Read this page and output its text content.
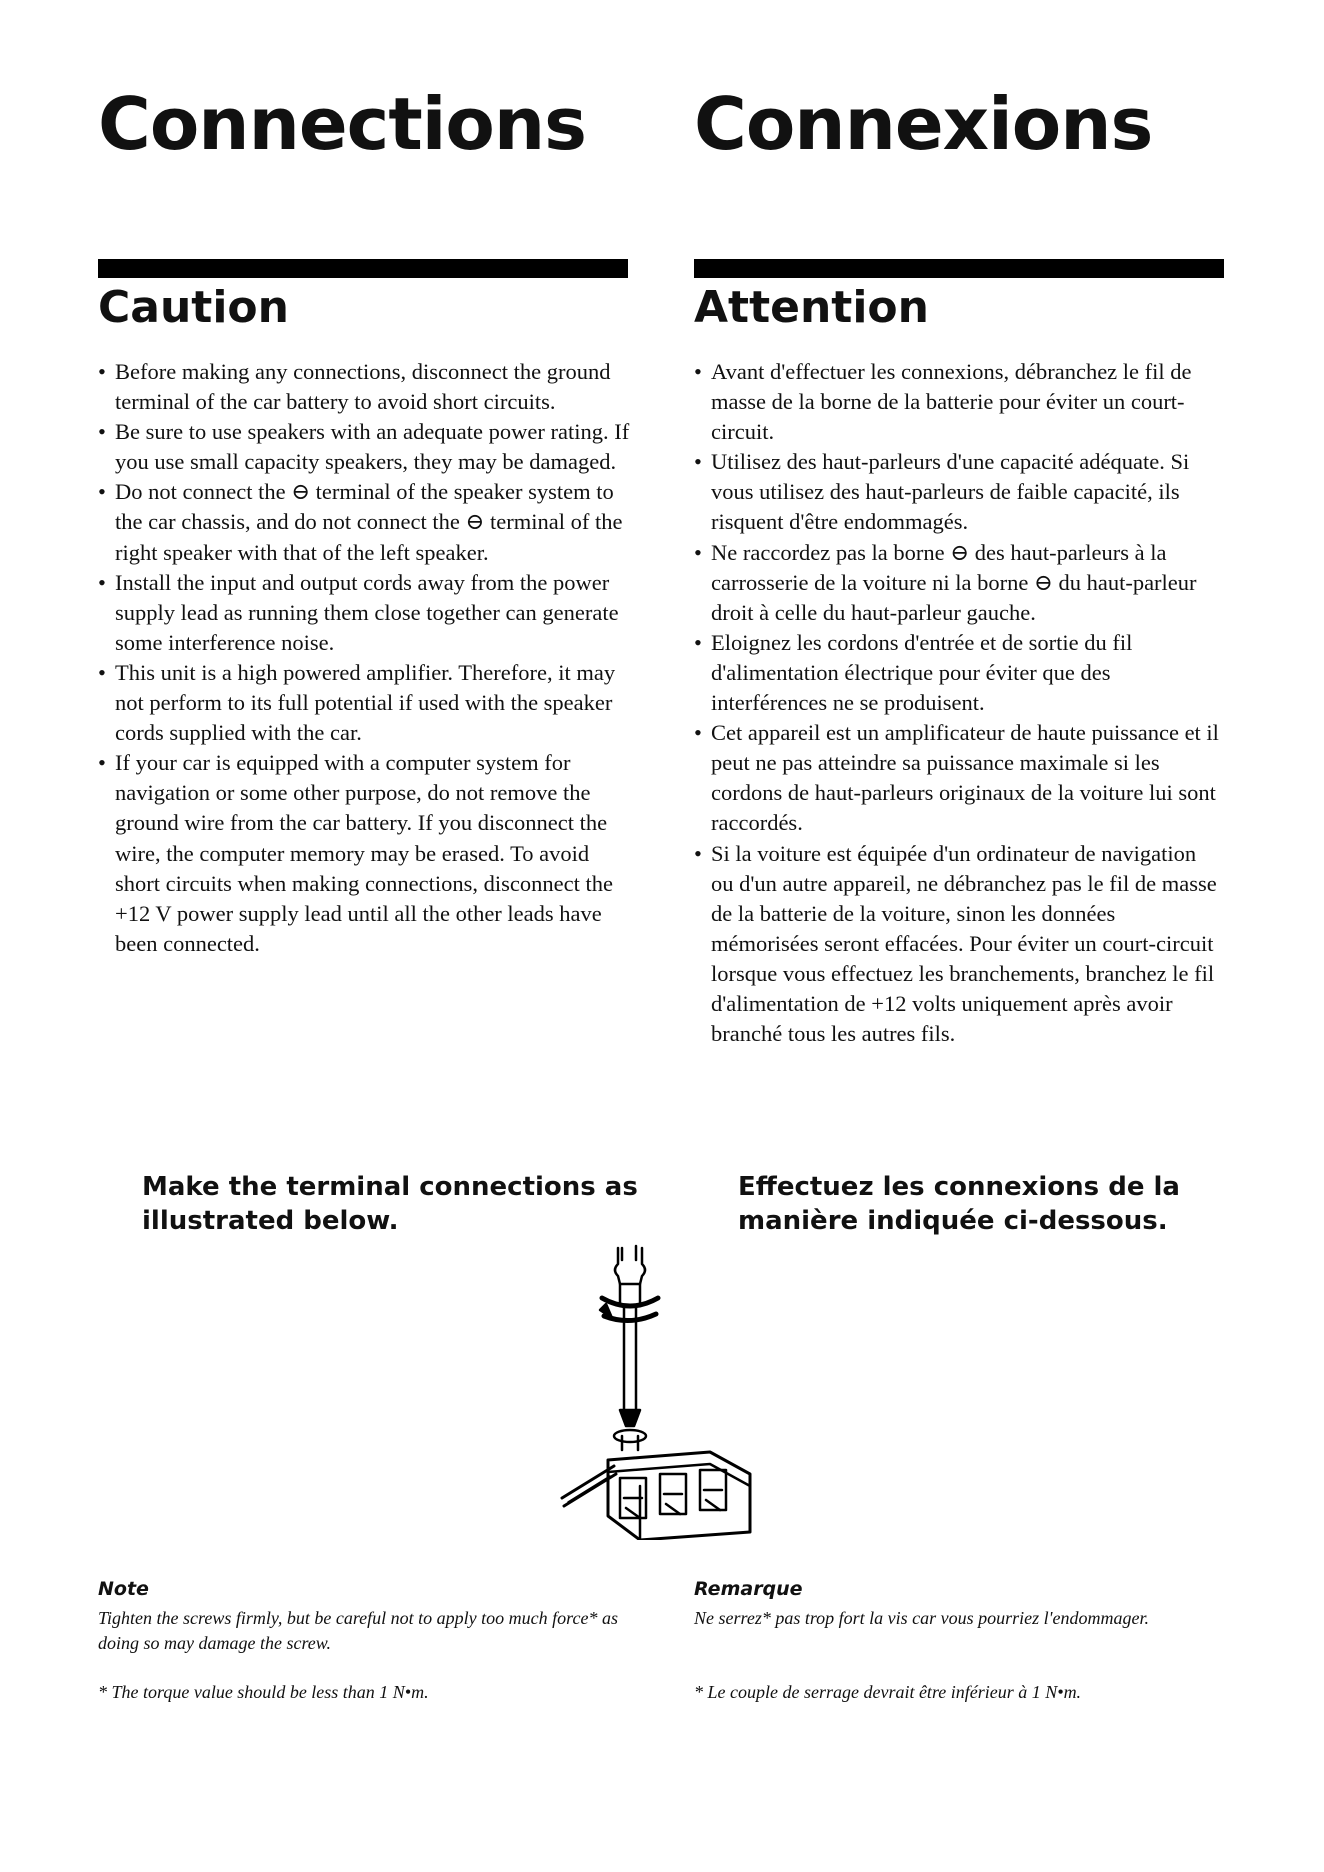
Connections
Caution
• Before making any connections, disconnect the ground terminal of the car battery to avoid short circuits.
• Be sure to use speakers with an adequate power rating. If you use small capacity speakers, they may be damaged.
• Do not connect the ⊖ terminal of the speaker system to the car chassis, and do not connect the ⊖ terminal of the right speaker with that of the left speaker.
• Install the input and output cords away from the power supply lead as running them close together can generate some interference noise.
• This unit is a high powered amplifier. Therefore, it may not perform to its full potential if used with the speaker cords supplied with the car.
• If your car is equipped with a computer system for navigation or some other purpose, do not remove the ground wire from the car battery. If you disconnect the wire, the computer memory may be erased. To avoid short circuits when making connections, disconnect the +12 V power supply lead until all the other leads have been connected.

Make the terminal connections as illustrated below.

Note

Tighten the screws firmly, but be careful not to apply too much force* as doing so may damage the screw.

* The torque value should be less than 1 N•m.

Connexions
Attention
• Avant d'effectuer les connexions, débranchez le fil de masse de la borne de la batterie pour éviter un court-circuit.
• Utilisez des haut-parleurs d'une capacité adéquate. Si vous utilisez des haut-parleurs de faible capacité, ils risquent d'être endommagés.
• Ne raccordez pas la borne ⊖ des haut-parleurs à la carrosserie de la voiture ni la borne ⊖ du haut-parleur droit à celle du haut-parleur gauche.
• Eloignez les cordons d'entrée et de sortie du fil d'alimentation électrique pour éviter que des interférences ne se produisent.
• Cet appareil est un amplificateur de haute puissance et il peut ne pas atteindre sa puissance maximale si les cordons de haut-parleurs originaux de la voiture lui sont raccordés.
• Si la voiture est équipée d'un ordinateur de navigation ou d'un autre appareil, ne débranchez pas le fil de masse de la batterie de la voiture, sinon les données mémorisées seront effacées. Pour éviter un court-circuit lorsque vous effectuez les branchements, branchez le fil d'alimentation de +12 volts uniquement après avoir branché tous les autres fils.

Effectuez les connexions de la manière indiquée ci-dessous.

Remarque

Ne serrez* pas trop fort la vis car vous pourriez l'endommager.

* Le couple de serrage devrait être inférieur à 1 N•m.
